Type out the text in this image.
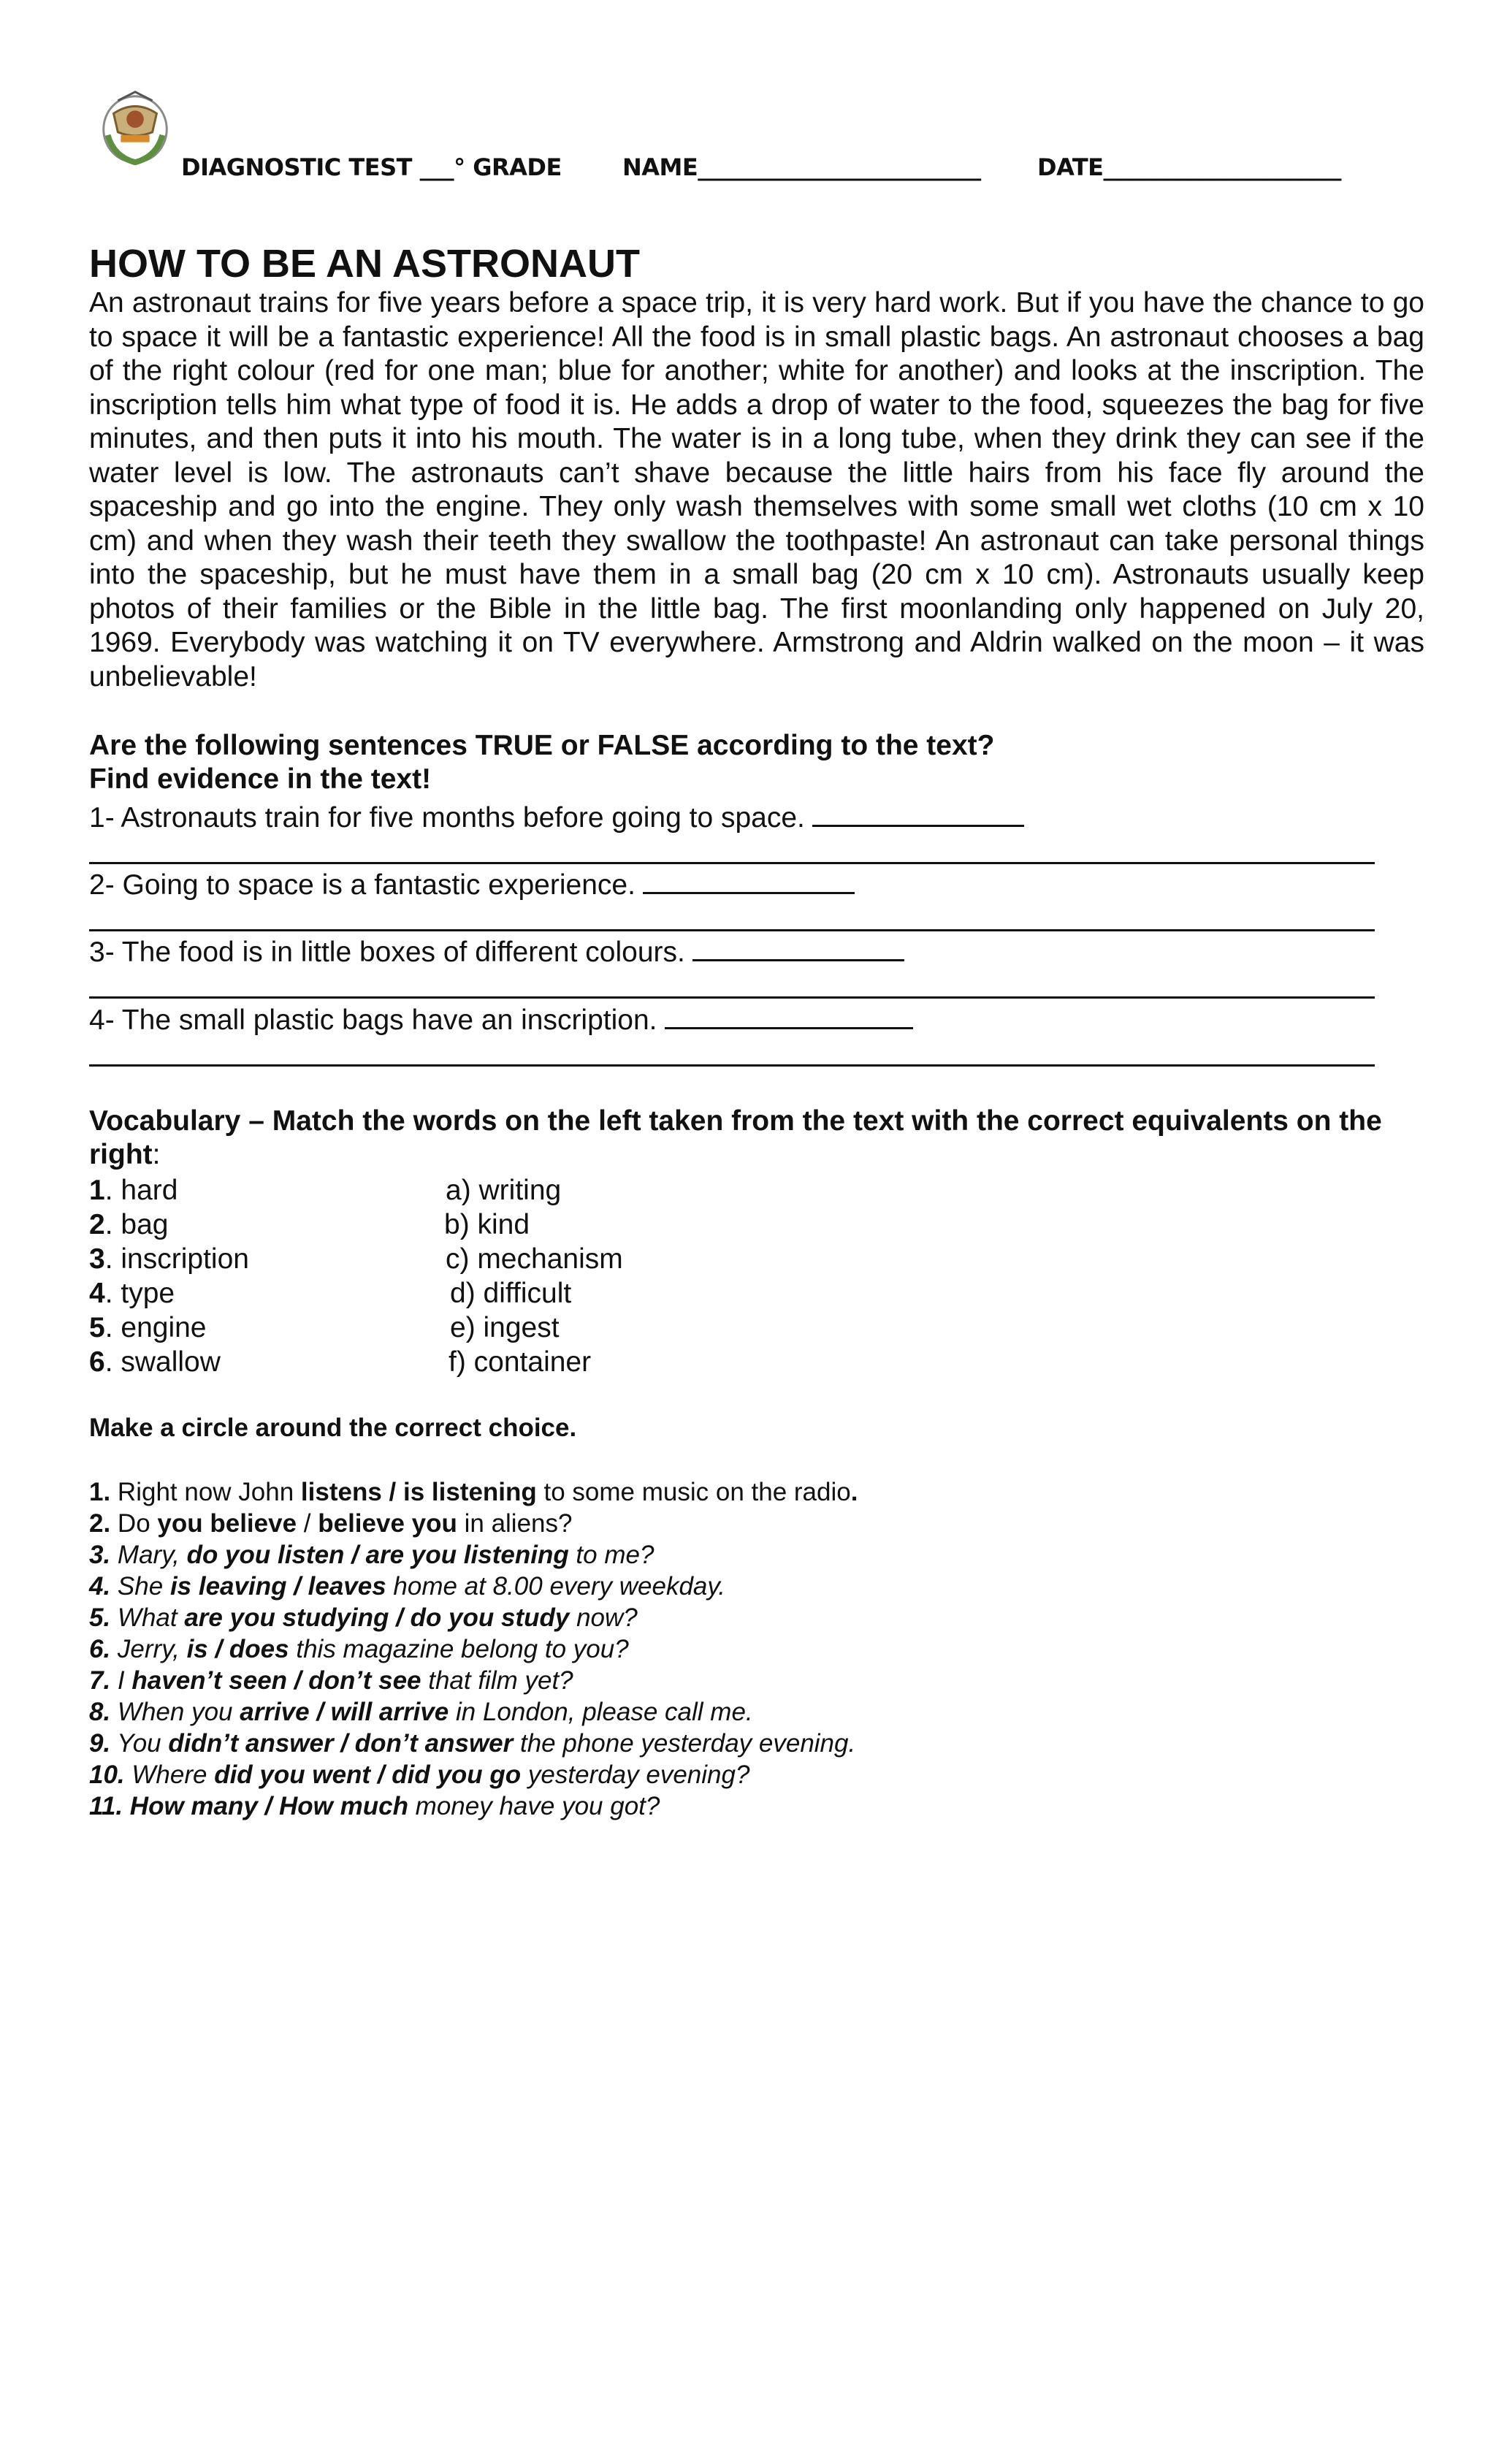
DIAGNOSTIC TEST ___° GRADE	NAME_________________________ DATE_____________________
HOW TO BE AN ASTRONAUT
An astronaut trains for five years before a space trip, it is very hard work. But if you have the chance to go to space it will be a fantastic experience! All the food is in small plastic bags. An astronaut chooses a bag of the right colour (red for one man; blue for another; white for another) and looks at the inscription. The inscription tells him what type of food it is. He adds a drop of water to the food, squeezes the bag for five minutes, and then puts it into his mouth. The water is in a long tube, when they drink they can see if the water level is low. The astronauts can’t shave because the little hairs from his face fly around the spaceship and go into the engine. They only wash themselves with some small wet cloths (10 cm x 10 cm) and when they wash their teeth they swallow the toothpaste! An astronaut can take personal things into the spaceship, but he must have them in a small bag (20 cm x 10 cm). Astronauts usually keep photos of their families or the Bible in the little bag. The first moonlanding only happened on July 20, 1969. Everybody was watching it on TV everywhere. Armstrong and Aldrin walked on the moon – it was unbelievable!
Are the following sentences TRUE or FALSE according to the text?
Find evidence in the text!
1- Astronauts train for five months before going to space.
2- Going to space is a fantastic experience.
3- The food is in little boxes of different colours.
4- The small plastic bags have an inscription.
Vocabulary – Match the words on the left taken from the text with the correct equivalents on the right:
1. hard	a) writing
2. bag	b) kind
3. inscription	c) mechanism
4. type	d) difficult
5. engine	e) ingest
6. swallow	f) container
Make a circle around the correct choice.
1. Right now John listens / is listening to some music on the radio.
2. Do you believe / believe you in aliens?
3. Mary, do you listen / are you listening to me?
4. She is leaving / leaves home at 8.00 every weekday.
5. What are you studying / do you study now?
6. Jerry, is / does this magazine belong to you?
7. I haven’t seen / don’t see that film yet?
8. When you arrive / will arrive in London, please call me.
9. You didn’t answer / don’t answer the phone yesterday evening.
10. Where did you went / did you go yesterday evening?
11. How many / How much money have you got?
